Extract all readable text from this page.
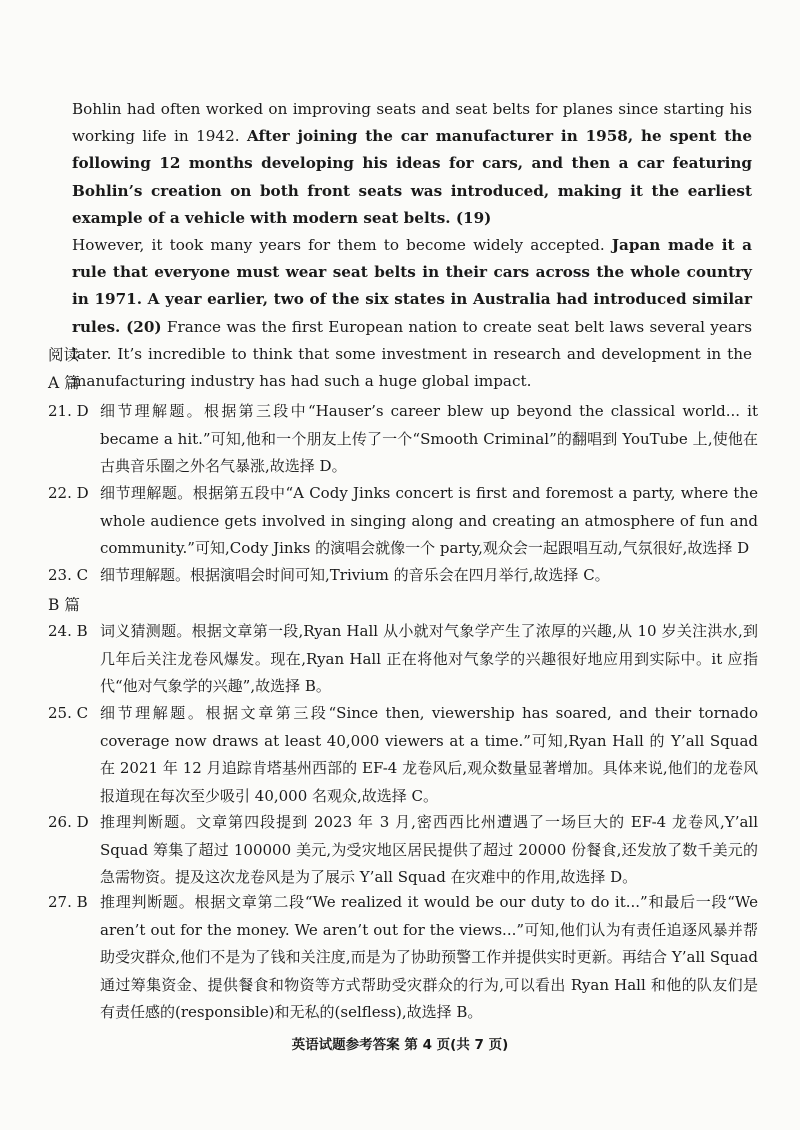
Bohlin had often worked on improving seats and seat belts for planes since starting his working life in 1942. After joining the car manufacturer in 1958, he spent the following 12 months developing his ideas for cars, and then a car featuring Bohlin’s creation on both front seats was introduced, making it the earliest example of a vehicle with modern seat belts. (19)

However, it took many years for them to become widely accepted. Japan made it a rule that everyone must wear seat belts in their cars across the whole country in 1971. A year earlier, two of the six states in Australia had introduced similar rules. (20) France was the first European nation to create seat belt laws several years later. It’s incredible to think that some investment in research and development in the manufacturing industry has had such a huge global impact.

阅读
A 篇
21. D 细节理解题。根据第三段中“Hauser’s career blew up beyond the classical world... it became a hit.”可知,他和一个朋友上传了一个“Smooth Criminal”的翻唱到 YouTube 上,使他在古典音乐圈之外名气暴涨,故选择 D。
22. D 细节理解题。根据第五段中“A Cody Jinks concert is first and foremost a party, where the whole audience gets involved in singing along and creating an atmosphere of fun and community.”可知,Cody Jinks 的演唱会就像一个 party,观众会一起跟唱互动,气氛很好,故选择 D
23. C 细节理解题。根据演唱会时间可知,Trivium 的音乐会在四月举行,故选择 C。
B 篇
24. B 词义猜测题。根据文章第一段,Ryan Hall 从小就对气象学产生了浓厚的兴趣,从 10 岁关注洪水,到几年后关注龙卷风爆发。现在,Ryan Hall 正在将他对气象学的兴趣很好地应用到实际中。it 应指代“他对气象学的兴趣”,故选择 B。
25. C 细节理解题。根据文章第三段“Since then, viewership has soared, and their tornado coverage now draws at least 40,000 viewers at a time.”可知,Ryan Hall 的 Y’all Squad 在 2021 年 12 月追踪肯塔基州西部的 EF-4 龙卷风后,观众数量显著增加。具体来说,他们的龙卷风报道现在每次至少吸引 40,000 名观众,故选择 C。
26. D 推理判断题。文章第四段提到 2023 年 3 月,密西西比州遭遇了一场巨大的 EF-4 龙卷风,Y’all Squad 筹集了超过 100000 美元,为受灾地区居民提供了超过 20000 份餐食,还发放了数千美元的急需物资。提及这次龙卷风是为了展示 Y’all Squad 在灾难中的作用,故选择 D。
27. B 推理判断题。根据文章第二段“We realized it would be our duty to do it...”和最后一段“We aren’t out for the money. We aren’t out for the views...”可知,他们认为有责任追逐风暴并帮助受灾群众,他们不是为了钱和关注度,而是为了协助预警工作并提供实时更新。再结合 Y’all Squad 通过筹集资金、提供餐食和物资等方式帮助受灾群众的行为,可以看出 Ryan Hall 和他的队友们是有责任感的(responsible)和无私的(selfless),故选择 B。
英语试题参考答案 第 4 页(共 7 页)
